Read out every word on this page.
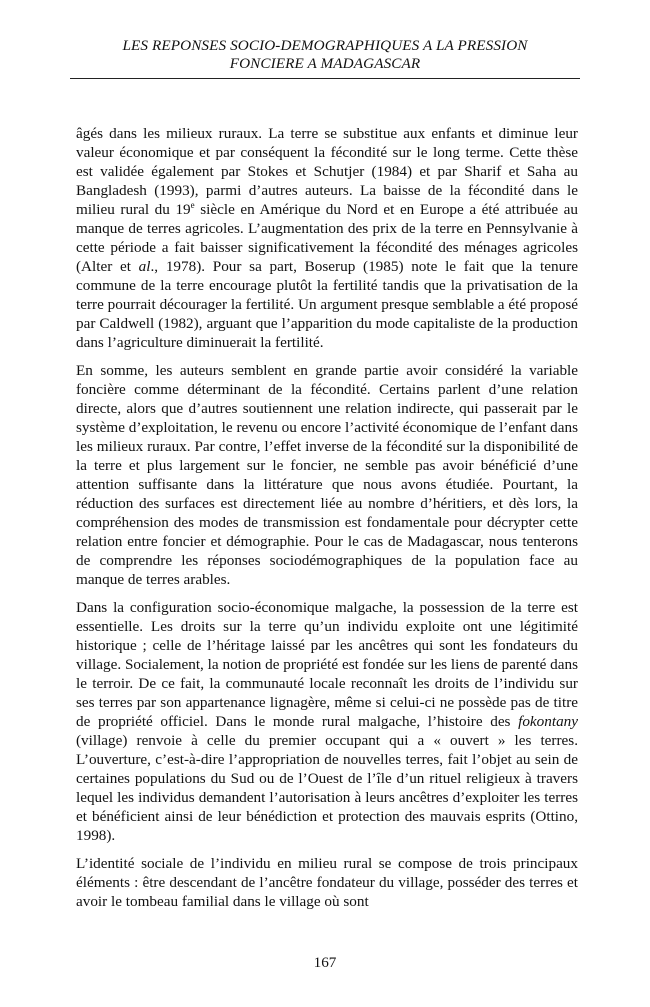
LES REPONSES SOCIO-DEMOGRAPHIQUES A LA PRESSION
FONCIERE A MADAGASCAR

âgés dans les milieux ruraux. La terre se substitue aux enfants et diminue leur valeur économique et par conséquent la fécondité sur le long terme. Cette thèse est validée également par Stokes et Schutjer (1984) et par Sharif et Saha au Bangladesh (1993), parmi d’autres auteurs. La baisse de la fécondité dans le milieu rural du 19e siècle en Amérique du Nord et en Europe a été attribuée au manque de terres agricoles. L’augmentation des prix de la terre en Pennsylvanie à cette période a fait baisser significativement la fécondité des ménages agricoles (Alter et al., 1978). Pour sa part, Boserup (1985) note le fait que la tenure commune de la terre encourage plutôt la fertilité tandis que la privatisation de la terre pourrait décourager la fertilité. Un argument presque semblable a été proposé par Caldwell (1982), arguant que l’apparition du mode capitaliste de la production dans l’agriculture diminuerait la fertilité.

En somme, les auteurs semblent en grande partie avoir considéré la variable foncière comme déterminant de la fécondité. Certains parlent d’une relation directe, alors que d’autres soutiennent une relation indirecte, qui passerait par le système d’exploitation, le revenu ou encore l’activité économique de l’enfant dans les milieux ruraux. Par contre, l’effet inverse de la fécondité sur la disponibilité de la terre et plus largement sur le foncier, ne semble pas avoir bénéficié d’une attention suffisante dans la littérature que nous avons étudiée. Pourtant, la réduction des surfaces est directement liée au nombre d’héritiers, et dès lors, la compréhension des modes de transmission est fondamentale pour décrypter cette relation entre foncier et démographie. Pour le cas de Madagascar, nous tenterons de comprendre les réponses sociodémographiques de la population face au manque de terres arables.

Dans la configuration socio-économique malgache, la possession de la terre est essentielle. Les droits sur la terre qu’un individu exploite ont une légitimité historique ; celle de l’héritage laissé par les ancêtres qui sont les fondateurs du village. Socialement, la notion de propriété est fondée sur les liens de parenté dans le terroir. De ce fait, la communauté locale reconnaît les droits de l’individu sur ses terres par son appartenance lignagère, même si celui-ci ne possède pas de titre de propriété officiel. Dans le monde rural malgache, l’histoire des fokontany (village) renvoie à celle du premier occupant qui a « ouvert » les terres. L’ouverture, c’est-à-dire l’appropriation de nouvelles terres, fait l’objet au sein de certaines populations du Sud ou de l’Ouest de l’île d’un rituel religieux à travers lequel les individus demandent l’autorisation à leurs ancêtres d’exploiter les terres et bénéficient ainsi de leur bénédiction et protection des mauvais esprits (Ottino, 1998).

L’identité sociale de l’individu en milieu rural se compose de trois principaux éléments : être descendant de l’ancêtre fondateur du village, posséder des terres et avoir le tombeau familial dans le village où sont

167
